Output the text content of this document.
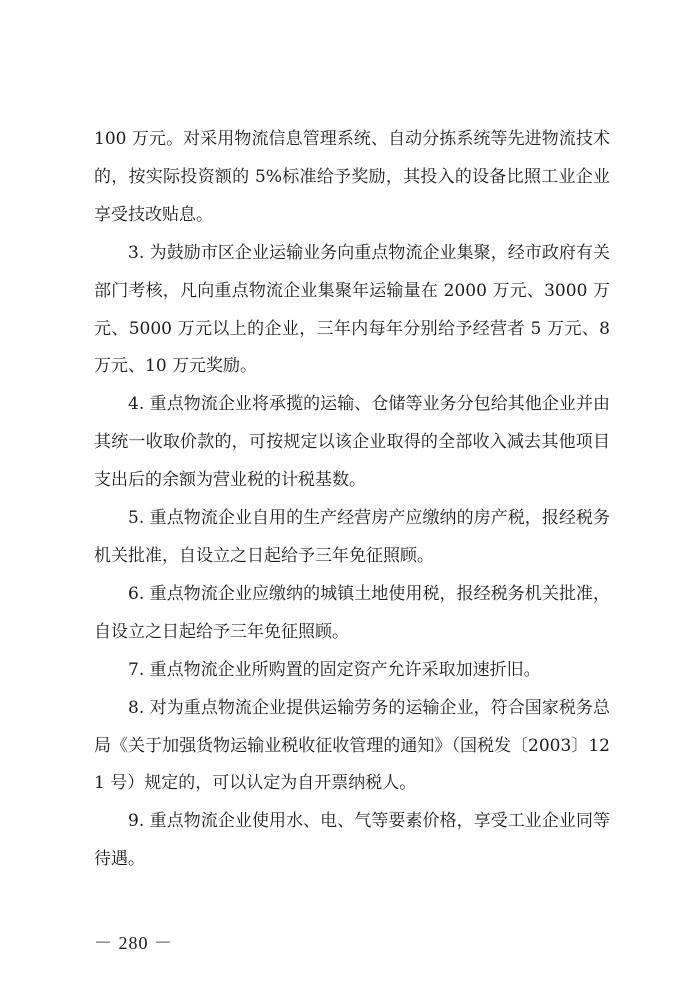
100 万元。对采用物流信息管理系统、自动分拣系统等先进物流技术的，按实际投资额的 5%标准给予奖励，其投入的设备比照工业企业享受技改贴息。

3. 为鼓励市区企业运输业务向重点物流企业集聚，经市政府有关部门考核，凡向重点物流企业集聚年运输量在 2000 万元、3000 万元、5000 万元以上的企业，三年内每年分别给予经营者 5 万元、8 万元、10 万元奖励。

4. 重点物流企业将承揽的运输、仓储等业务分包给其他企业并由其统一收取价款的，可按规定以该企业取得的全部收入减去其他项目支出后的余额为营业税的计税基数。

5. 重点物流企业自用的生产经营房产应缴纳的房产税，报经税务机关批准，自设立之日起给予三年免征照顾。

6. 重点物流企业应缴纳的城镇土地使用税，报经税务机关批准，自设立之日起给予三年免征照顾。

7. 重点物流企业所购置的固定资产允许采取加速折旧。

8. 对为重点物流企业提供运输劳务的运输企业，符合国家税务总局《关于加强货物运输业税收征收管理的通知》（国税发〔2003〕121 号）规定的，可以认定为自开票纳税人。

9. 重点物流企业使用水、电、气等要素价格，享受工业企业同等待遇。

－ 280 －
